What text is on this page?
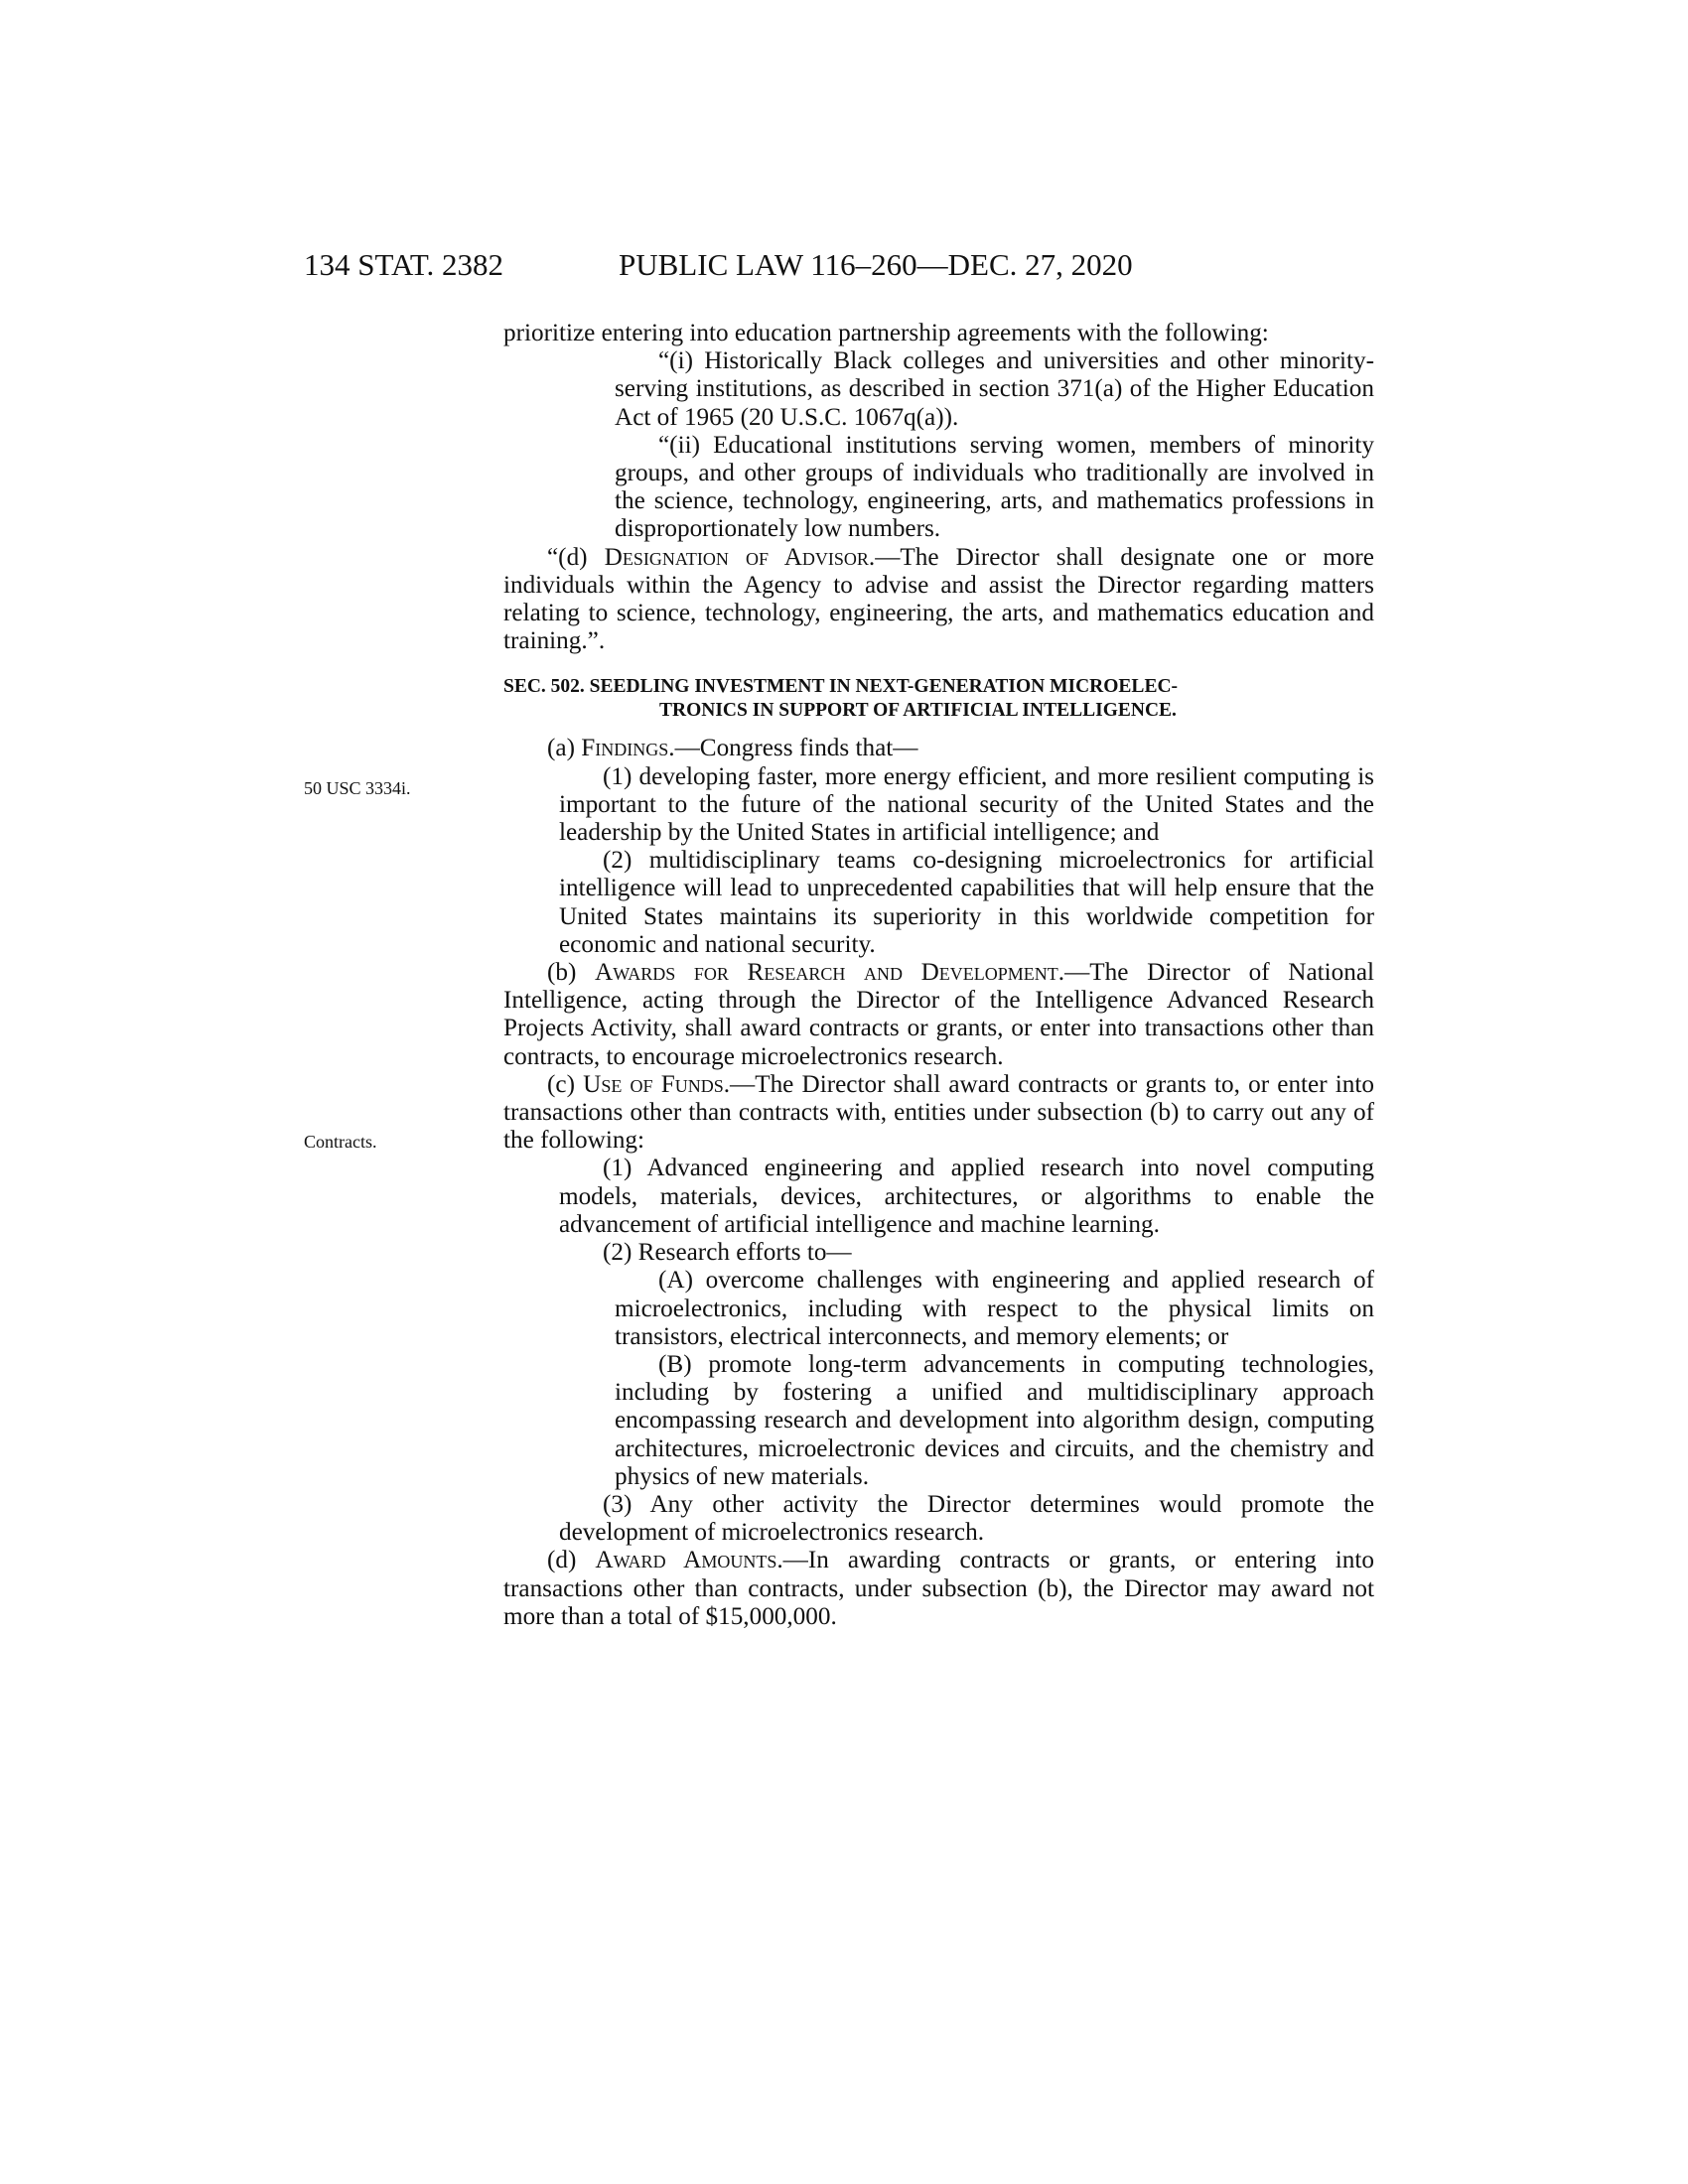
134 STAT. 2382	PUBLIC LAW 116–260—DEC. 27, 2020
50 USC 3334i.
Contracts.

prioritize entering into education partnership agreements with the following:

“(i) Historically Black colleges and universities and other minority-serving institutions, as described in section 371(a) of the Higher Education Act of 1965 (20 U.S.C. 1067q(a)).

“(ii) Educational institutions serving women, members of minority groups, and other groups of individuals who traditionally are involved in the science, technology, engineering, arts, and mathematics professions in disproportionately low numbers.

“(d) Designation of Advisor.—The Director shall designate one or more individuals within the Agency to advise and assist the Director regarding matters relating to science, technology, engineering, the arts, and mathematics education and training.”.

SEC. 502. SEEDLING INVESTMENT IN NEXT-GENERATION MICROELEC-
TRONICS IN SUPPORT OF ARTIFICIAL INTELLIGENCE.

(a) Findings.—Congress finds that—

(1) developing faster, more energy efficient, and more resilient computing is important to the future of the national security of the United States and the leadership by the United States in artificial intelligence; and

(2) multidisciplinary teams co-designing microelectronics for artificial intelligence will lead to unprecedented capabilities that will help ensure that the United States maintains its superiority in this worldwide competition for economic and national security.

(b) Awards for Research and Development.—The Director of National Intelligence, acting through the Director of the Intelligence Advanced Research Projects Activity, shall award contracts or grants, or enter into transactions other than contracts, to encourage microelectronics research.

(c) Use of Funds.—The Director shall award contracts or grants to, or enter into transactions other than contracts with, entities under subsection (b) to carry out any of the following:

(1) Advanced engineering and applied research into novel computing models, materials, devices, architectures, or algorithms to enable the advancement of artificial intelligence and machine learning.

(2) Research efforts to—

(A) overcome challenges with engineering and applied research of microelectronics, including with respect to the physical limits on transistors, electrical interconnects, and memory elements; or

(B) promote long-term advancements in computing technologies, including by fostering a unified and multidisciplinary approach encompassing research and development into algorithm design, computing architectures, microelectronic devices and circuits, and the chemistry and physics of new materials.

(3) Any other activity the Director determines would promote the development of microelectronics research.

(d) Award Amounts.—In awarding contracts or grants, or entering into transactions other than contracts, under subsection (b), the Director may award not more than a total of $15,000,000.
